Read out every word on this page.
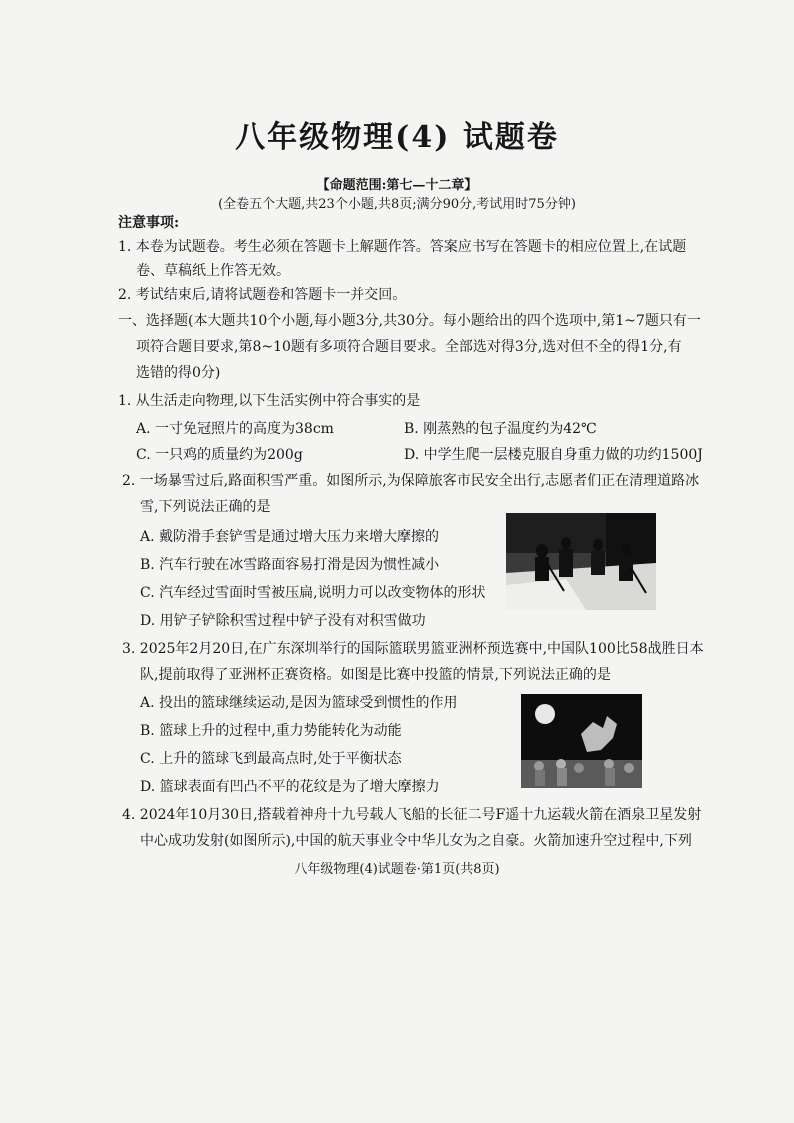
八年级物理(4) 试题卷
【命题范围:第七—十二章】
(全卷五个大题,共23个小题,共8页;满分90分,考试用时75分钟)
注意事项:
1. 本卷为试题卷。考生必须在答题卡上解题作答。答案应书写在答题卡的相应位置上,在试题
卷、草稿纸上作答无效。
2. 考试结束后,请将试题卷和答题卡一并交回。
一、选择题(本大题共10个小题,每小题3分,共30分。每小题给出的四个选项中,第1~7题只有一
项符合题目要求,第8~10题有多项符合题目要求。全部选对得3分,选对但不全的得1分,有
选错的得0分)
1. 从生活走向物理,以下生活实例中符合事实的是
A. 一寸免冠照片的高度为38cm	B. 刚蒸熟的包子温度约为42℃
C. 一只鸡的质量约为200g	D. 中学生爬一层楼克服自身重力做的功约1500J
2. 一场暴雪过后,路面积雪严重。如图所示,为保障旅客市民安全出行,志愿者们正在清理道路冰
雪,下列说法正确的是
A. 戴防滑手套铲雪是通过增大压力来增大摩擦的
B. 汽车行驶在冰雪路面容易打滑是因为惯性减小
C. 汽车经过雪面时雪被压扁,说明力可以改变物体的形状
D. 用铲子铲除积雪过程中铲子没有对积雪做功
3. 2025年2月20日,在广东深圳举行的国际篮联男篮亚洲杯预选赛中,中国队100比58战胜日本
队,提前取得了亚洲杯正赛资格。如图是比赛中投篮的情景,下列说法正确的是
A. 投出的篮球继续运动,是因为篮球受到惯性的作用
B. 篮球上升的过程中,重力势能转化为动能
C. 上升的篮球飞到最高点时,处于平衡状态
D. 篮球表面有凹凸不平的花纹是为了增大摩擦力
4. 2024年10月30日,搭载着神舟十九号载人飞船的长征二号F遥十九运载火箭在酒泉卫星发射
中心成功发射(如图所示),中国的航天事业令中华儿女为之自豪。火箭加速升空过程中,下列
八年级物理(4)试题卷·第1页(共8页)
